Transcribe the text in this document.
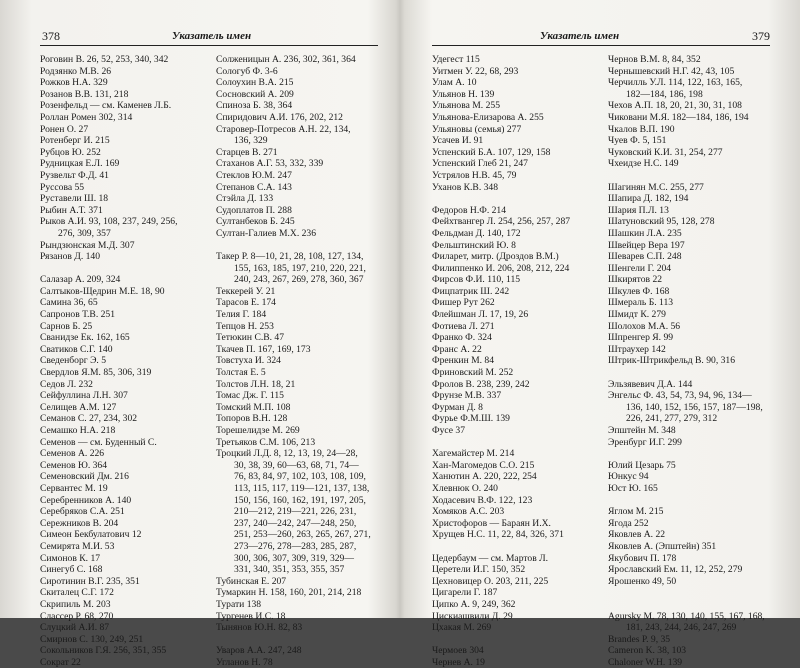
378	Указатель имен
Роговин В. 26, 52, 253, 340, 342
Родзянко М.В. 26
Рожков Н.А. 329
Розанов В.В. 131, 218
Розенфельд — см. Каменев Л.Б.
Роллан Ромен 302, 314
Ронен О. 27
Ротенберг И. 215
Рубцов Ю. 252
Рудницкая Е.Л. 169
Рузвельт Ф.Д. 41
Руссова 55
Руставели Ш. 18
Рыбин А.Т. 371
Рыков А.И. 93, 108, 237, 249, 256,
276, 309, 357
Рындзюнская М.Д. 307
Рязанов Д. 140
Салазар А. 209, 324
Салтыков-Щедрин М.Е. 18, 90
Самина 36, 65
Сапронов Т.В. 251
Сарнов Б. 25
Сванидзе Ек. 162, 165
Сватиков С.Г. 140
Сведенборг Э. 5
Свердлов Я.М. 85, 306, 319
Седов Л. 232
Сейфуллина Л.Н. 307
Селищев А.М. 127
Семанов С. 27, 234, 302
Семашко Н.А. 218
Семенов — см. Буденный С.
Семенов А. 226
Семенов Ю. 364
Семеновский Дм. 216
Сервантес М. 19
Серебренников А. 140
Серебряков С.А. 251
Сережников В. 204
Симеон Бекбулатович 12
Семирята М.И. 53
Симонов К. 17
Синегуб С. 168
Сиротинин В.Г. 235, 351
Скиталец С.Г. 172
Скрипиль М. 203
Слассер Р. 68, 270
Слуцкий А.И. 87
Смирнов С. 130, 249, 251
Сокольников Г.Я. 256, 351, 355
Сократ 22
Солженицын А. 236, 302, 361, 364
Сологуб Ф. 3-6
Солоухин В.А. 215
Сосновский А. 209
Спиноза Б. 38, 364
Спиридович А.И. 176, 202, 212
Старовер-Потресов А.Н. 22, 134,
136, 329
Старцев В. 271
Стаханов А.Г. 53, 332, 339
Стеклов Ю.М. 247
Степанов С.А. 143
Стэйла Д. 133
Судоплатов П. 288
Султанбеков Б. 245
Султан-Галиев М.Х. 236
Такер Р. 8—10, 21, 28, 108, 127, 134,
155, 163, 185, 197, 210, 220, 221,
240, 243, 267, 269, 278, 360, 367
Теккерей У. 21
Тарасов Е. 174
Телия Г. 184
Тепцов Н. 253
Тетюкин С.В. 47
Ткачев П. 167, 169, 173
Товстуха И. 324
Толстая Е. 5
Толстов Л.Н. 18, 21
Томас Дж. Г. 115
Томский М.П. 108
Топоров В.Н. 128
Торешелидзе М. 269
Третьяков С.М. 106, 213
Троцкий Л.Д. 8, 12, 13, 19, 24—28,
30, 38, 39, 60—63, 68, 71, 74—
76, 83, 84, 97, 102, 103, 108, 109,
113, 115, 117, 119—121, 137, 138,
150, 156, 160, 162, 191, 197, 205,
210—212, 219—221, 226, 231,
237, 240—242, 247—248, 250,
251, 253—260, 263, 265, 267, 271,
273—276, 278—283, 285, 287,
300, 306, 307, 309, 319, 329—
331, 340, 351, 353, 355, 357
Тубинская Е. 207
Тумаркин Н. 158, 160, 201, 214, 218
Турати 138
Тургенев И.С. 18
Тынянов Ю.Н. 82, 83
Уваров А.А. 247, 248
Угланов Н. 78
Указатель имен	379
Удегест 115
Уитмен У. 22, 68, 293
Улам А. 10
Ульянов Н. 139
Ульянова М. 255
Ульянова-Елизарова А. 255
Ульяновы (семья) 277
Усачев И. 91
Успенский Б.А. 107, 129, 158
Успенский Глеб 21, 247
Устрялов Н.В. 45, 79
Уханов К.В. 348
Федоров Н.Ф. 214
Фейхтвангер Л. 254, 256, 257, 287
Фельдман Д. 140, 172
Фельштинский Ю. 8
Филарет, митр. (Дроздов В.М.)
Филиппенко И. 206, 208, 212, 224
Фирсов Ф.И. 110, 115
Фицпатрик Ш. 242
Фишер Рут 262
Флейшман Л. 17, 19, 26
Фотиева Л. 271
Франко Ф. 324
Франс А. 22
Френкин М. 84
Фриновский М. 252
Фролов В. 238, 239, 242
Фрунзе М.В. 337
Фурман Д. 8
Фурье Ф.М.Ш. 139
Фусе 37
Хагемайстер М. 214
Хан-Магомедов С.О. 215
Ханютин А. 220, 222, 254
Хлевнюк О. 240
Ходасевич В.Ф. 122, 123
Хомяков А.С. 203
Христофоров — Бараян И.Х.
Хрущев Н.С. 11, 22, 84, 326, 371
Цедербаум — см. Мартов Л.
Церетели И.Г. 150, 352
Цехновицер О. 203, 211, 225
Цигарели Г. 187
Ципко А. 9, 249, 362
Цискиашвили Д. 29
Цхакая М. 269
Чермоев 304
Чернев А. 19
Чернов В.М. 8, 84, 352
Чернышевский Н.Г. 42, 43, 105
Черчилль У.Л. 114, 122, 163, 165,
182—184, 186, 198
Чехов А.П. 18, 20, 21, 30, 31, 108
Чиковани М.Я. 182—184, 186, 194
Чкалов В.П. 190
Чуев Ф. 5, 151
Чуковский К.И. 31, 254, 277
Чхеидзе Н.С. 149
Шагинян М.С. 255, 277
Шапира Д. 182, 194
Шария П.Л. 13
Шатуновский 95, 128, 278
Шашкин Л.А. 235
Швейцер Вера 197
Шеварев С.П. 248
Шенгели Г. 204
Шкирятов 22
Шкулев Ф. 168
Шмераль Б. 113
Шмидт К. 279
Шолохов М.А. 56
Шпренгер Я. 99
Штраухер 142
Штрик-Штрикфельд В. 90, 316
Эльзявевич Д.А. 144
Энгельс Ф. 43, 54, 73, 94, 96, 134—
136, 140, 152, 156, 157, 187—198,
226, 241, 277, 279, 312
Эпштейн М. 348
Эренбург И.Г. 299
Юлий Цезарь 75
Юнкус 94
Юст Ю. 165
Яглом М. 215
Ягода 252
Яковлев А. 22
Яковлев А. (Эпштейн) 351
Якубович П. 178
Ярославский Ем. 11, 12, 252, 279
Ярошенко 49, 50
Agursky M. 78, 130, 140, 155, 167, 168,
181, 243, 244, 246, 247, 269
Brandes P. 9, 35
Cameron K. 38, 103
Chaloner W.H. 139
